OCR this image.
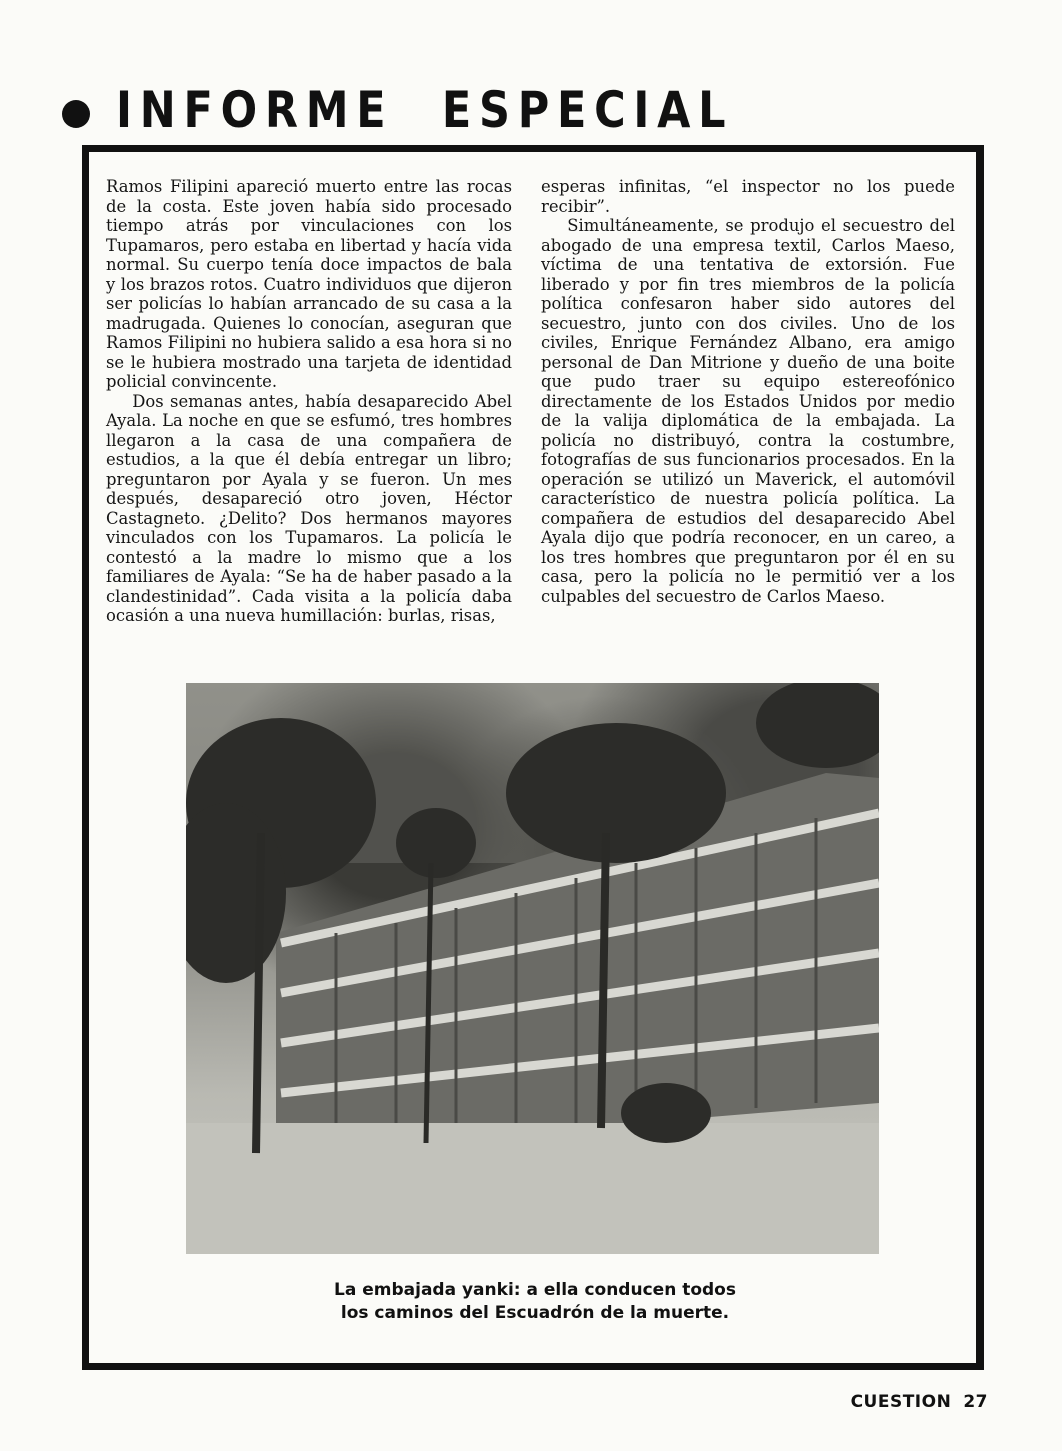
INFORME ESPECIAL

Ramos Filipini apareció muerto entre las rocas de la costa. Este joven había sido procesado tiempo atrás por vinculaciones con los Tupamaros, pero estaba en libertad y hacía vida normal. Su cuerpo tenía doce impactos de bala y los brazos rotos. Cuatro individuos que dijeron ser policías lo habían arrancado de su casa a la madrugada. Quienes lo conocían, aseguran que Ramos Filipini no hubiera salido a esa hora si no se le hubiera mostrado una tarjeta de identidad policial convincente.

Dos semanas antes, había desaparecido Abel Ayala. La noche en que se esfumó, tres hombres llegaron a la casa de una compañera de estudios, a la que él debía entregar un libro; preguntaron por Ayala y se fueron. Un mes después, desapareció otro joven, Héctor Castagneto. ¿Delito? Dos hermanos mayores vinculados con los Tupamaros. La policía le contestó a la madre lo mismo que a los familiares de Ayala: “Se ha de haber pasado a la clandestinidad”. Cada visita a la policía daba ocasión a una nueva humillación: burlas, risas,

esperas infinitas, “el inspector no los puede recibir”.

Simultáneamente, se produjo el secuestro del abogado de una empresa textil, Carlos Maeso, víctima de una tentativa de extorsión. Fue liberado y por fin tres miembros de la policía política confesaron haber sido autores del secuestro, junto con dos civiles. Uno de los civiles, Enrique Fernández Albano, era amigo personal de Dan Mitrione y dueño de una boite que pudo traer su equipo estereofónico directamente de los Estados Unidos por medio de la valija diplomática de la embajada. La policía no distribuyó, contra la costumbre, fotografías de sus funcionarios procesados. En la operación se utilizó un Maverick, el automóvil característico de nuestra policía política. La compañera de estudios del desaparecido Abel Ayala dijo que podría reconocer, en un careo, a los tres hombres que preguntaron por él en su casa, pero la policía no le permitió ver a los culpables del secuestro de Carlos Maeso.

La embajada yanki: a ella conducen todos
los caminos del Escuadrón de la muerte.
CUESTION 27
